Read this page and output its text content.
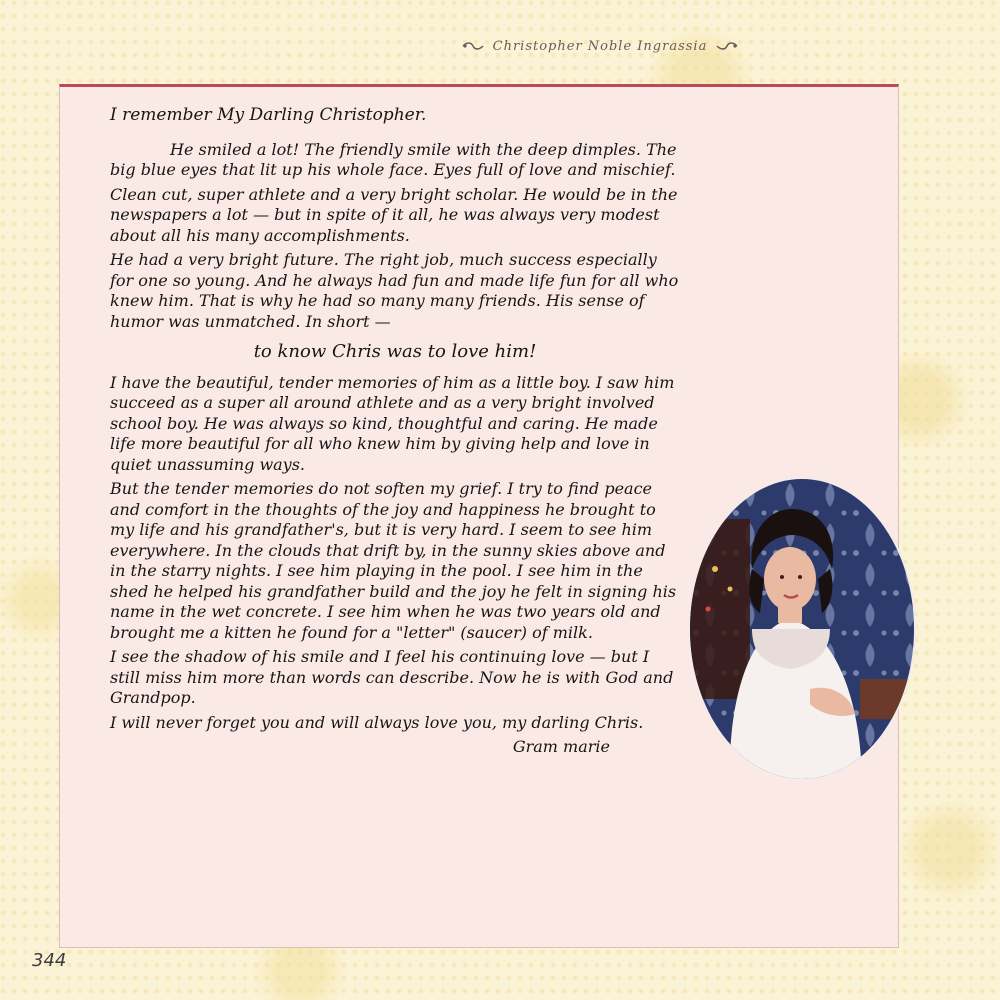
Christopher Noble Ingrassia

I remember My Darling Christopher.

He smiled a lot! The friendly smile with the deep dimples. The big blue eyes that lit up his whole face. Eyes full of love and mischief.

Clean cut, super athlete and a very bright scholar. He would be in the newspapers a lot — but in spite of it all, he was always very modest about all his many accomplishments.

He had a very bright future. The right job, much success especially for one so young. And he always had fun and made life fun for all who knew him. That is why he had so many many friends. His sense of humor was unmatched. In short —

to know Chris was to love him!

I have the beautiful, tender memories of him as a little boy. I saw him succeed as a super all around athlete and as a very bright involved school boy. He was always so kind, thoughtful and caring. He made life more beautiful for all who knew him by giving help and love in quiet unassuming ways.

But the tender memories do not soften my grief. I try to find peace and comfort in the thoughts of the joy and happiness he brought to my life and his grandfather's, but it is very hard. I seem to see him everywhere. In the clouds that drift by, in the sunny skies above and in the starry nights. I see him playing in the pool. I see him in the shed he helped his grandfather build and the joy he felt in signing his name in the wet concrete. I see him when he was two years old and brought me a kitten he found for a "letter" (saucer) of milk.

I see the shadow of his smile and I feel his continuing love — but I still miss him more than words can describe. Now he is with God and Grandpop.

I will never forget you and will always love you, my darling Chris.

Gram marie

344
